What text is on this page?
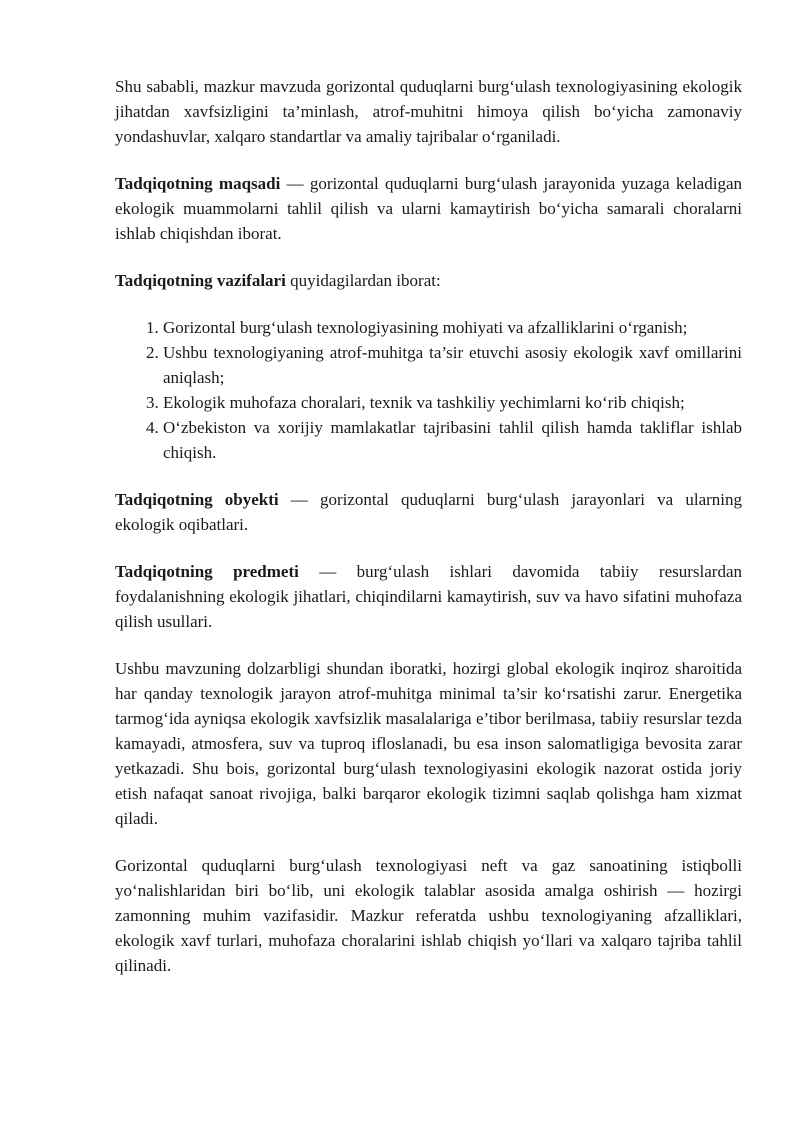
Shu sababli, mazkur mavzuda gorizontal quduqlarni burg‘ulash texnologiyasining ekologik jihatdan xavfsizligini ta’minlash, atrof-muhitni himoya qilish bo‘yicha zamonaviy yondashuvlar, xalqaro standartlar va amaliy tajribalar o‘rganiladi.

Tadqiqotning maqsadi — gorizontal quduqlarni burg‘ulash jarayonida yuzaga keladigan ekologik muammolarni tahlil qilish va ularni kamaytirish bo‘yicha samarali choralarni ishlab chiqishdan iborat.

Tadqiqotning vazifalari quyidagilardan iborat:

1. Gorizontal burg‘ulash texnologiyasining mohiyati va afzalliklarini o‘rganish;
2. Ushbu texnologiyaning atrof-muhitga ta’sir etuvchi asosiy ekologik xavf omillarini aniqlash;
3. Ekologik muhofaza choralari, texnik va tashkiliy yechimlarni ko‘rib chiqish;
4. O‘zbekiston va xorijiy mamlakatlar tajribasini tahlil qilish hamda takliflar ishlab chiqish.

Tadqiqotning obyekti — gorizontal quduqlarni burg‘ulash jarayonlari va ularning ekologik oqibatlari.

Tadqiqotning predmeti — burg‘ulash ishlari davomida tabiiy resurslardan foydalanishning ekologik jihatlari, chiqindilarni kamaytirish, suv va havo sifatini muhofaza qilish usullari.

Ushbu mavzuning dolzarbligi shundan iboratki, hozirgi global ekologik inqiroz sharoitida har qanday texnologik jarayon atrof-muhitga minimal ta’sir ko‘rsatishi zarur. Energetika tarmog‘ida ayniqsa ekologik xavfsizlik masalalariga e’tibor berilmasa, tabiiy resurslar tezda kamayadi, atmosfera, suv va tuproq ifloslanadi, bu esa inson salomatligiga bevosita zarar yetkazadi. Shu bois, gorizontal burg‘ulash texnologiyasini ekologik nazorat ostida joriy etish nafaqat sanoat rivojiga, balki barqaror ekologik tizimni saqlab qolishga ham xizmat qiladi.

Gorizontal quduqlarni burg‘ulash texnologiyasi neft va gaz sanoatining istiqbolli yo‘nalishlaridan biri bo‘lib, uni ekologik talablar asosida amalga oshirish — hozirgi zamonning muhim vazifasidir. Mazkur referatda ushbu texnologiyaning afzalliklari, ekologik xavf turlari, muhofaza choralarini ishlab chiqish yo‘llari va xalqaro tajriba tahlil qilinadi.
